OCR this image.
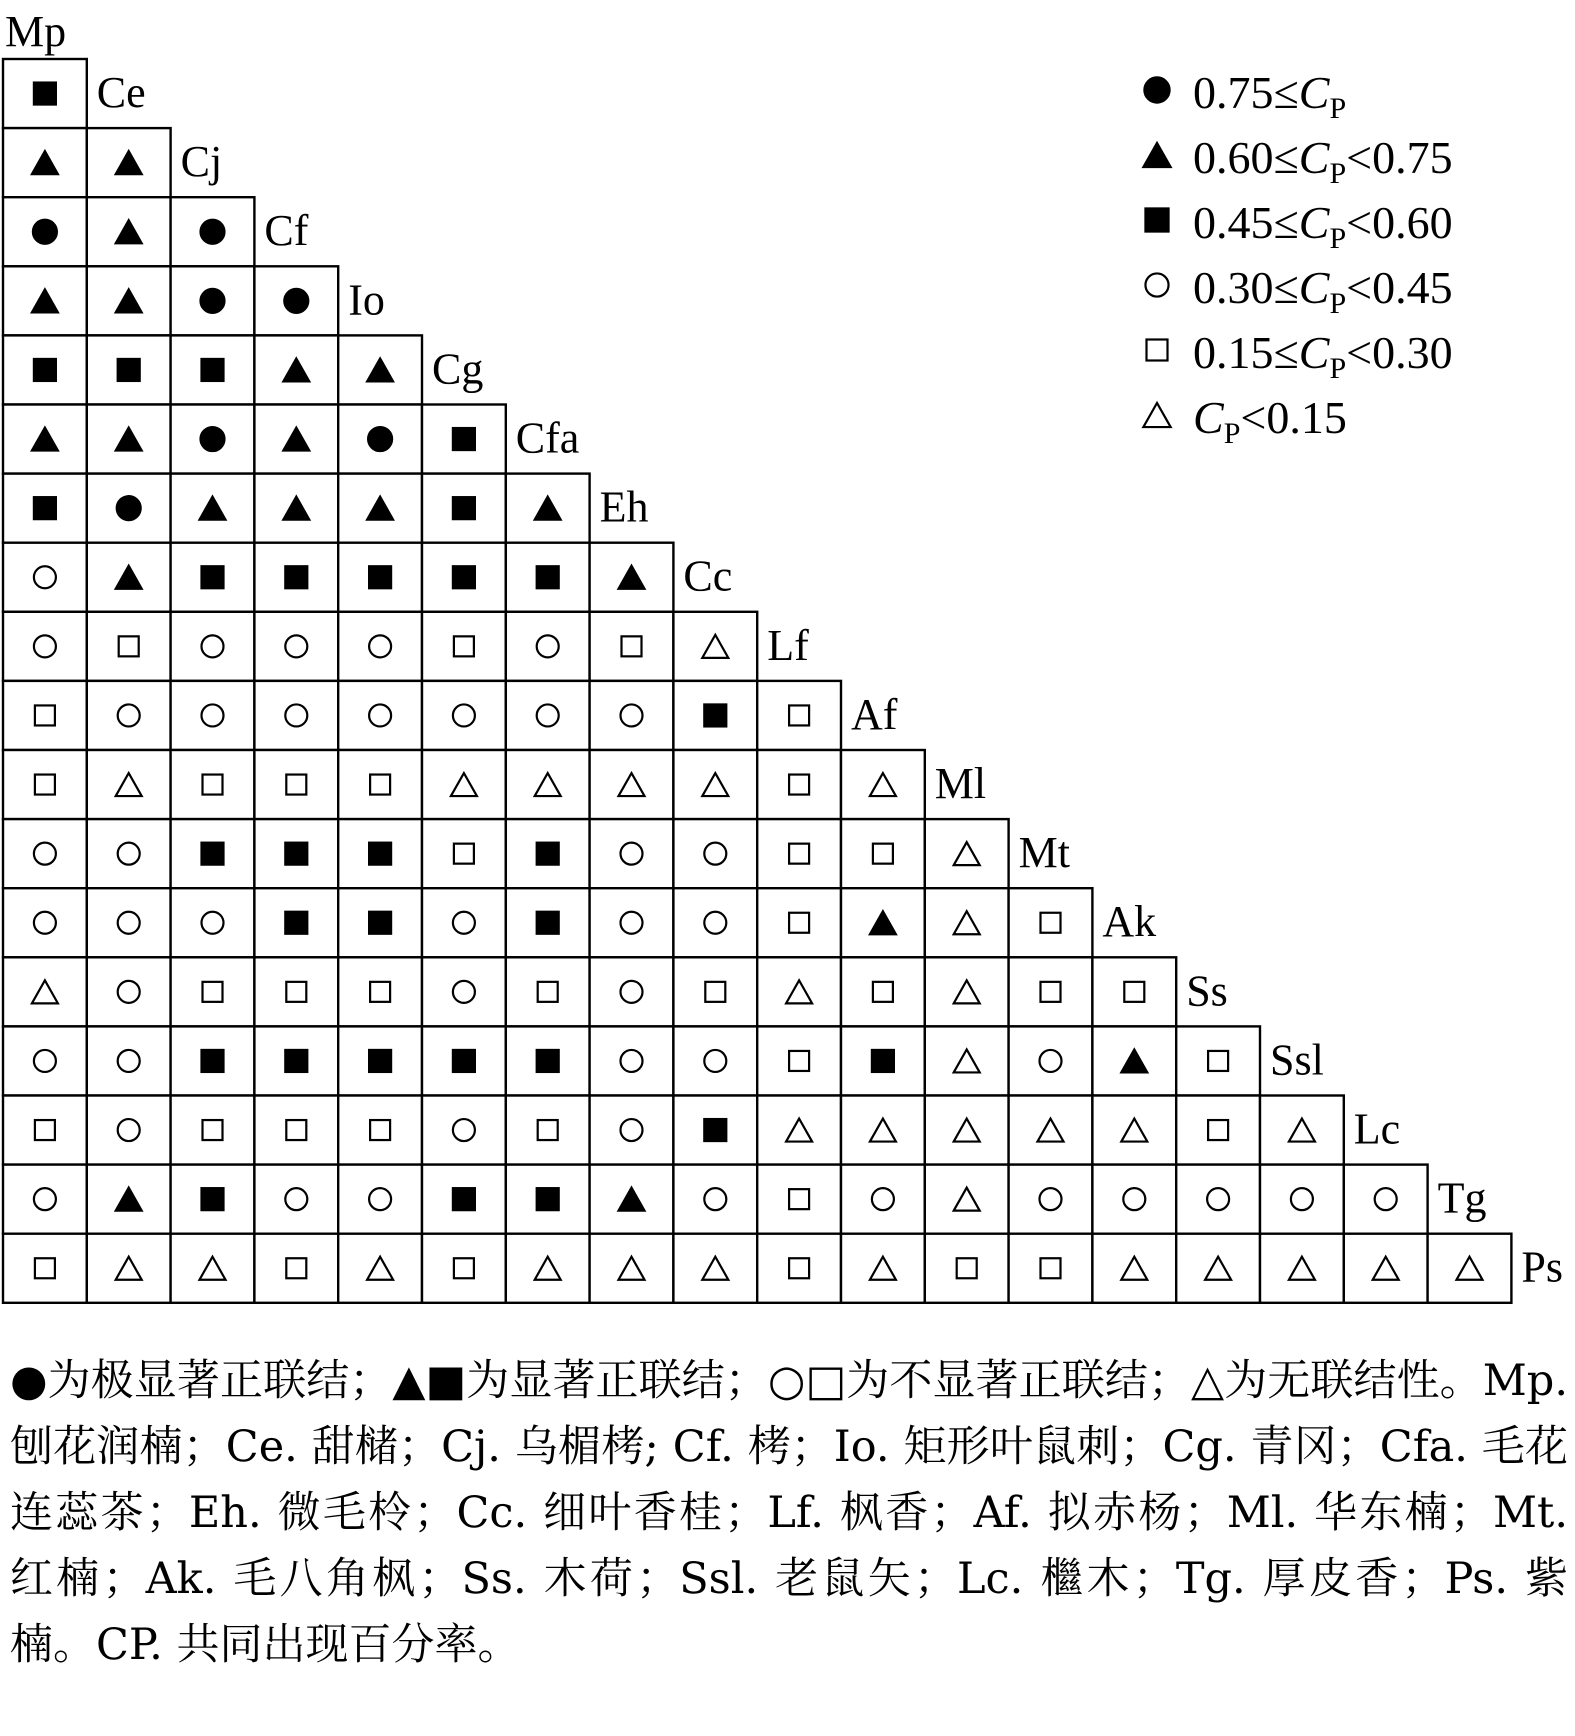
Mp
Ce
Cj
Cf
Io
Cg
Cfa
Eh
Cc
Lf
Af
Ml
Mt
Ak
Ss
Ssl
Lc
Tg
Ps
$0.75\le C_P$
$0.60\le C_P<0.75$
$0.45\le C_P<0.60$
$0.30\le C_P<0.45$
$0.15\le C_P<0.30$
$C_P<0.15$

●为极显著正联结；▲■为显著正联结；○□为不显著正联结；△为无联结性。Mp. 刨花润楠；Ce. 甜槠；Cj. 乌楣栲; Cf. 栲；Io. 矩形叶鼠刺；Cg. 青冈；Cfa. 毛花连蕊茶；Eh. 微毛柃；Cc. 细叶香桂；Lf. 枫香；Af. 拟赤杨；Ml. 华东楠；Mt. 红楠；Ak. 毛八角枫；Ss. 木荷；Ssl. 老鼠矢；Lc. 檵木；Tg. 厚皮香；Ps. 紫楠。CP. 共同出现百分率。
